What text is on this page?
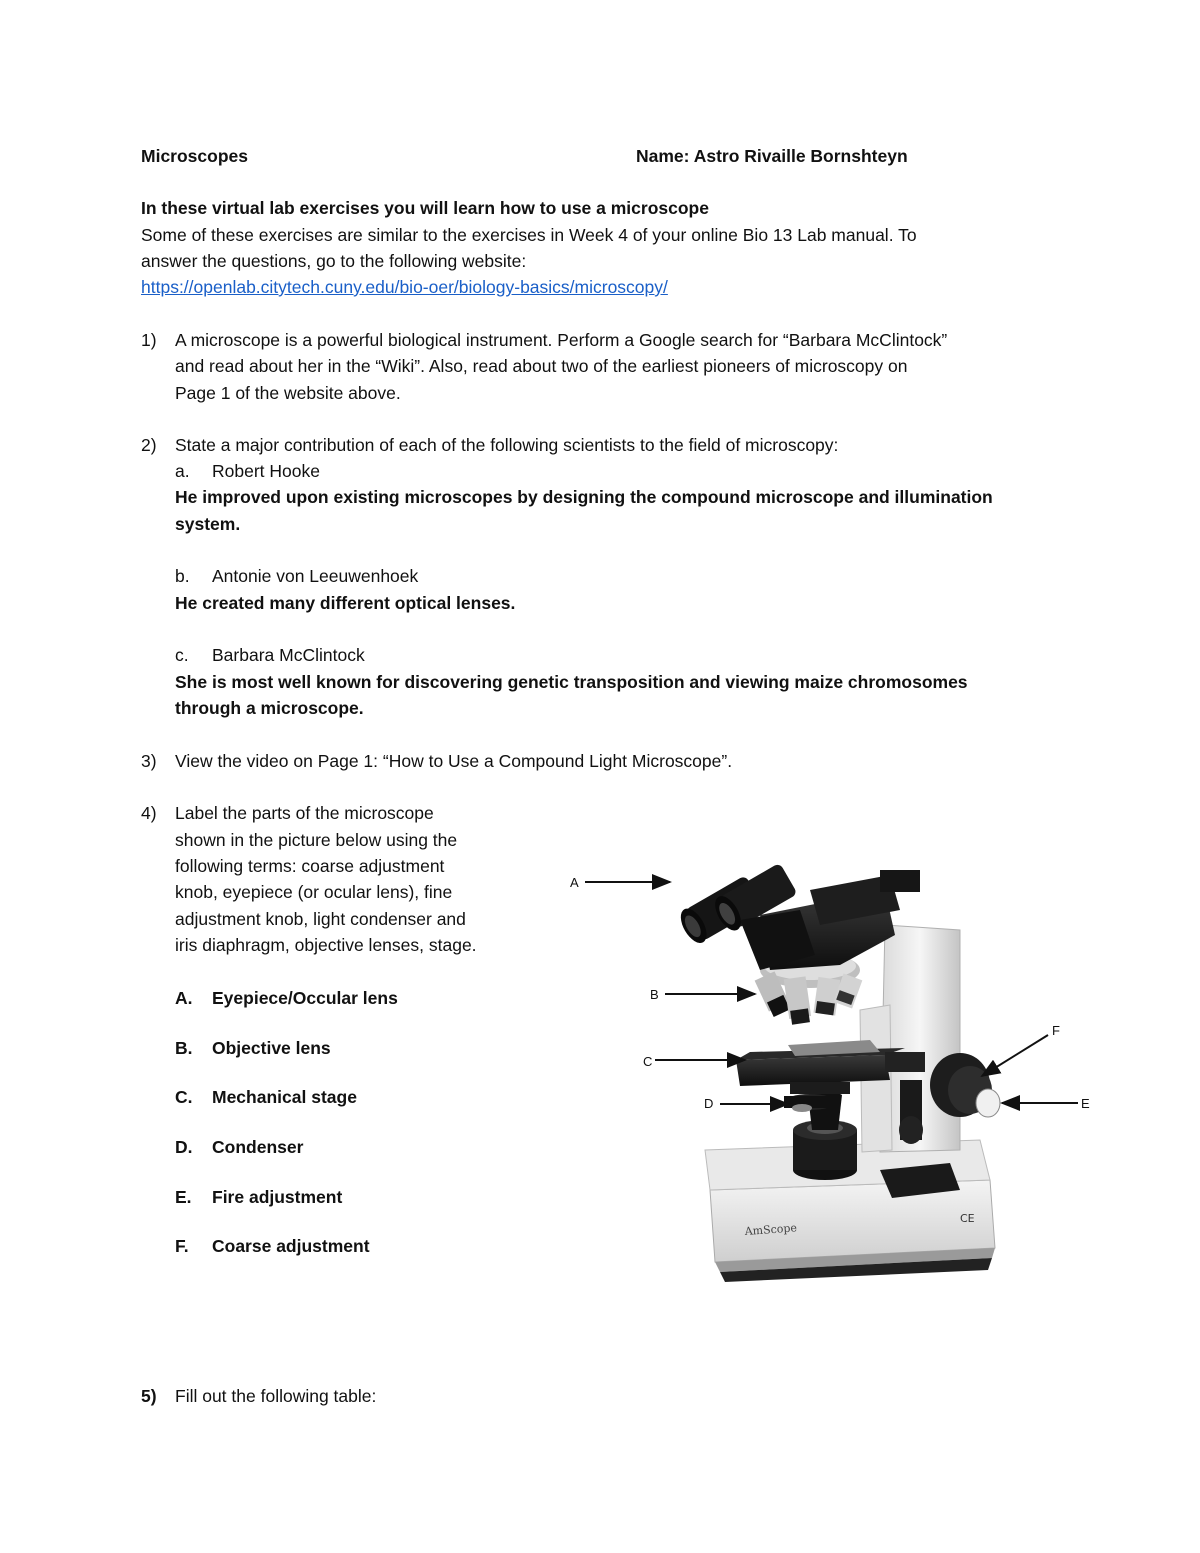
Microscopes	Name: Astro Rivaille Bornshteyn
In these virtual lab exercises you will learn how to use a microscope
Some of these exercises are similar to the exercises in Week 4 of your online Bio 13 Lab manual. To
answer the questions, go to the following website:
https://openlab.citytech.cuny.edu/bio-oer/biology-basics/microscopy/
1) A microscope is a powerful biological instrument. Perform a Google search for “Barbara McClintock”
and read about her in the “Wiki”. Also, read about two of the earliest pioneers of microscopy on
Page 1 of the website above.
2) State a major contribution of each of the following scientists to the field of microscopy:
a. Robert Hooke
He improved upon existing microscopes by designing the compound microscope and illumination
system.
b. Antonie von Leeuwenhoek
He created many different optical lenses.
c. Barbara McClintock
She is most well known for discovering genetic transposition and viewing maize chromosomes
through a microscope.
3) View the video on Page 1: “How to Use a Compound Light Microscope”.
4) Label the parts of the microscope
shown in the picture below using the
following terms: coarse adjustment
knob, eyepiece (or ocular lens), fine
adjustment knob, light condenser and
iris diaphragm, objective lenses, stage.
A. Eyepiece/Occular lens
B. Objective lens
C. Mechanical stage
D. Condenser
E. Fire adjustment
F. Coarse adjustment
AmScope
CE
A
B
C
D	E
F
5) Fill out the following table:
